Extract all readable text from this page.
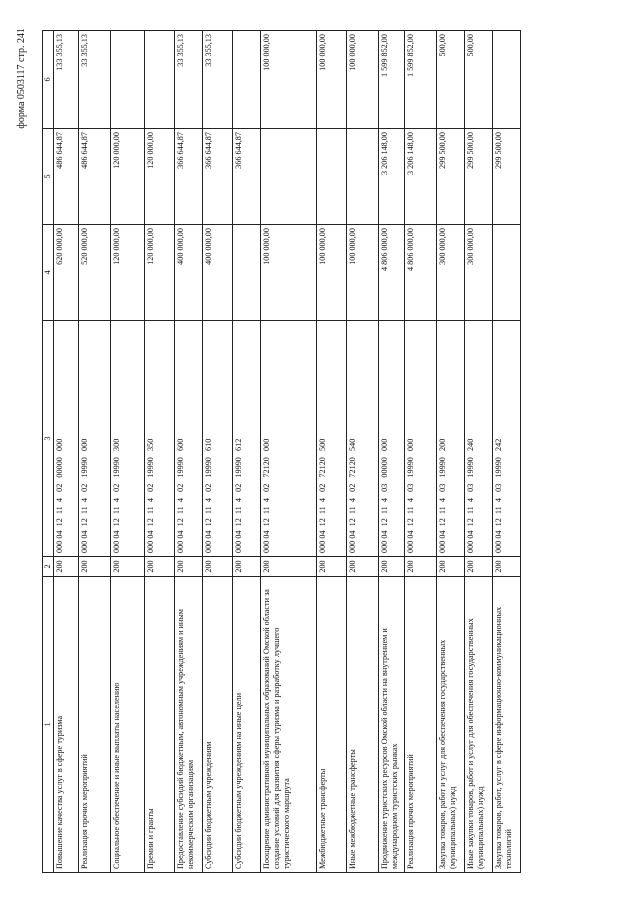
форма 0503117 стр. 241
1	2	3	4	5	6
Повышение качества услуг в сфере туризма	200	000 04  12  11  4   02   00000   000	620 000,00	486 644,87	133 355,13
Реализация прочих мероприятий	200	000 04  12  11  4   02   19990   000	520 000,00	486 644,87	33 355,13
Социальное обеспечение и иные выплаты населению	200	000 04  12  11  4   02   19990   300	120 000,00	120 000,00	
Премии и гранты	200	000 04  12  11  4   02   19990   350	120 000,00	120 000,00	
Предоставление субсидий бюджетным, автономным учреждениям и иным некоммерческим организациям	200	000 04  12  11  4   02   19990   600	400 000,00	366 644,87	33 355,13
Субсидии бюджетным учреждениям	200	000 04  12  11  4   02   19990   610	400 000,00	366 644,87	33 355,13
Субсидии бюджетным учреждениям на иные цели	200	000 04  12  11  4   02   19990   612		366 644,87	
Поощрение административной муниципальных образований Омской области за создание условий для развития сферы туризма и разработку лучшего туристического маршрута	200	000 04  12  11  4   02   72120   000	100 000,00		100 000,00
Межбюджетные трансферты	200	000 04  12  11  4   02   72120   500	100 000,00		100 000,00
Иные межбюджетные трансферты	200	000 04  12  11  4   02   72120   540	100 000,00		100 000,00
Продвижение туристских ресурсов Омской области на внутреннем и международном туристских рынках	200	000 04  12  11  4   03   00000   000	4 806 000,00	3 206 148,00	1 599 852,00
Реализация прочих мероприятий	200	000 04  12  11  4   03   19990   000	4 806 000,00	3 206 148,00	1 599 852,00
Закупка товаров, работ и услуг для обеспечения государственных (муниципальных) нужд	200	000 04  12  11  4   03   19990   200	300 000,00	299 500,00	500,00
Иные закупки товаров, работ и услуг для обеспечения государственных (муниципальных) нужд	200	000 04  12  11  4   03   19990   240	300 000,00	299 500,00	500,00
Закупка товаров, работ, услуг в сфере информационно-коммуникационных технологий	200	000 04  12  11  4   03   19990   242		299 500,00	
